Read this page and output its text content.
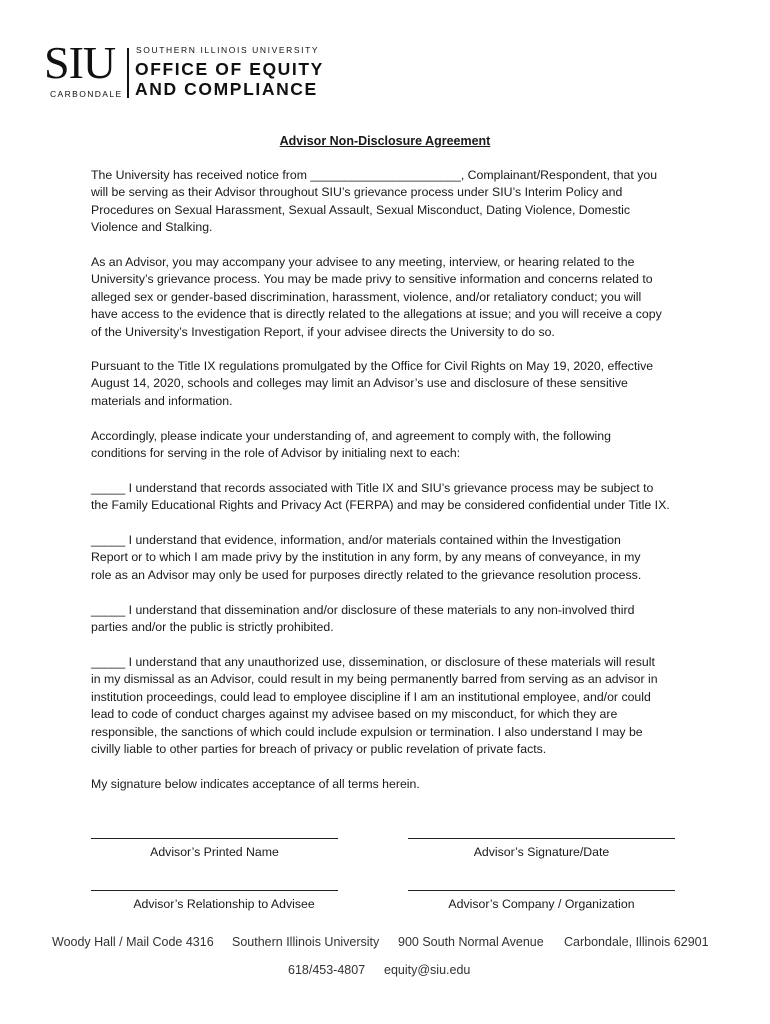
SIU
CARBONDALE
SOUTHERN ILLINOIS UNIVERSITY
OFFICE OF EQUITY
AND COMPLIANCE
Advisor Non-Disclosure Agreement

The University has received notice from ______________________, Complainant/Respondent, that you
will be serving as their Advisor throughout SIU’s grievance process under SIU’s Interim Policy and
Procedures on Sexual Harassment, Sexual Assault, Sexual Misconduct, Dating Violence, Domestic
Violence and Stalking.

As an Advisor, you may accompany your advisee to any meeting, interview, or hearing related to the
University’s grievance process. You may be made privy to sensitive information and concerns related to
alleged sex or gender-based discrimination, harassment, violence, and/or retaliatory conduct; you will
have access to the evidence that is directly related to the allegations at issue; and you will receive a copy
of the University’s Investigation Report, if your advisee directs the University to do so.

Pursuant to the Title IX regulations promulgated by the Office for Civil Rights on May 19, 2020, effective
August 14, 2020, schools and colleges may limit an Advisor’s use and disclosure of these sensitive
materials and information.

Accordingly, please indicate your understanding of, and agreement to comply with, the following
conditions for serving in the role of Advisor by initialing next to each:

_____ I understand that records associated with Title IX and SIU’s grievance process may be subject to
the Family Educational Rights and Privacy Act (FERPA) and may be considered confidential under Title IX.

_____ I understand that evidence, information, and/or materials contained within the Investigation
Report or to which I am made privy by the institution in any form, by any means of conveyance, in my
role as an Advisor may only be used for purposes directly related to the grievance resolution process.

_____ I understand that dissemination and/or disclosure of these materials to any non-involved third
parties and/or the public is strictly prohibited.

_____ I understand that any unauthorized use, dissemination, or disclosure of these materials will result
in my dismissal as an Advisor, could result in my being permanently barred from serving as an advisor in
institution proceedings, could lead to employee discipline if I am an institutional employee, and/or could
lead to code of conduct charges against my advisee based on my misconduct, for which they are
responsible, the sanctions of which could include expulsion or termination. I also understand I may be
civilly liable to other parties for breach of privacy or public revelation of private facts.

My signature below indicates acceptance of all terms herein.

Advisor’s Printed Name	Advisor’s Signature/Date
Advisor’s Relationship to Advisee	Advisor’s Company / Organization
Woody Hall / Mail Code 4316 Southern Illinois University 900 South Normal Avenue Carbondale, Illinois 62901
618/453-4807 equity@siu.edu
